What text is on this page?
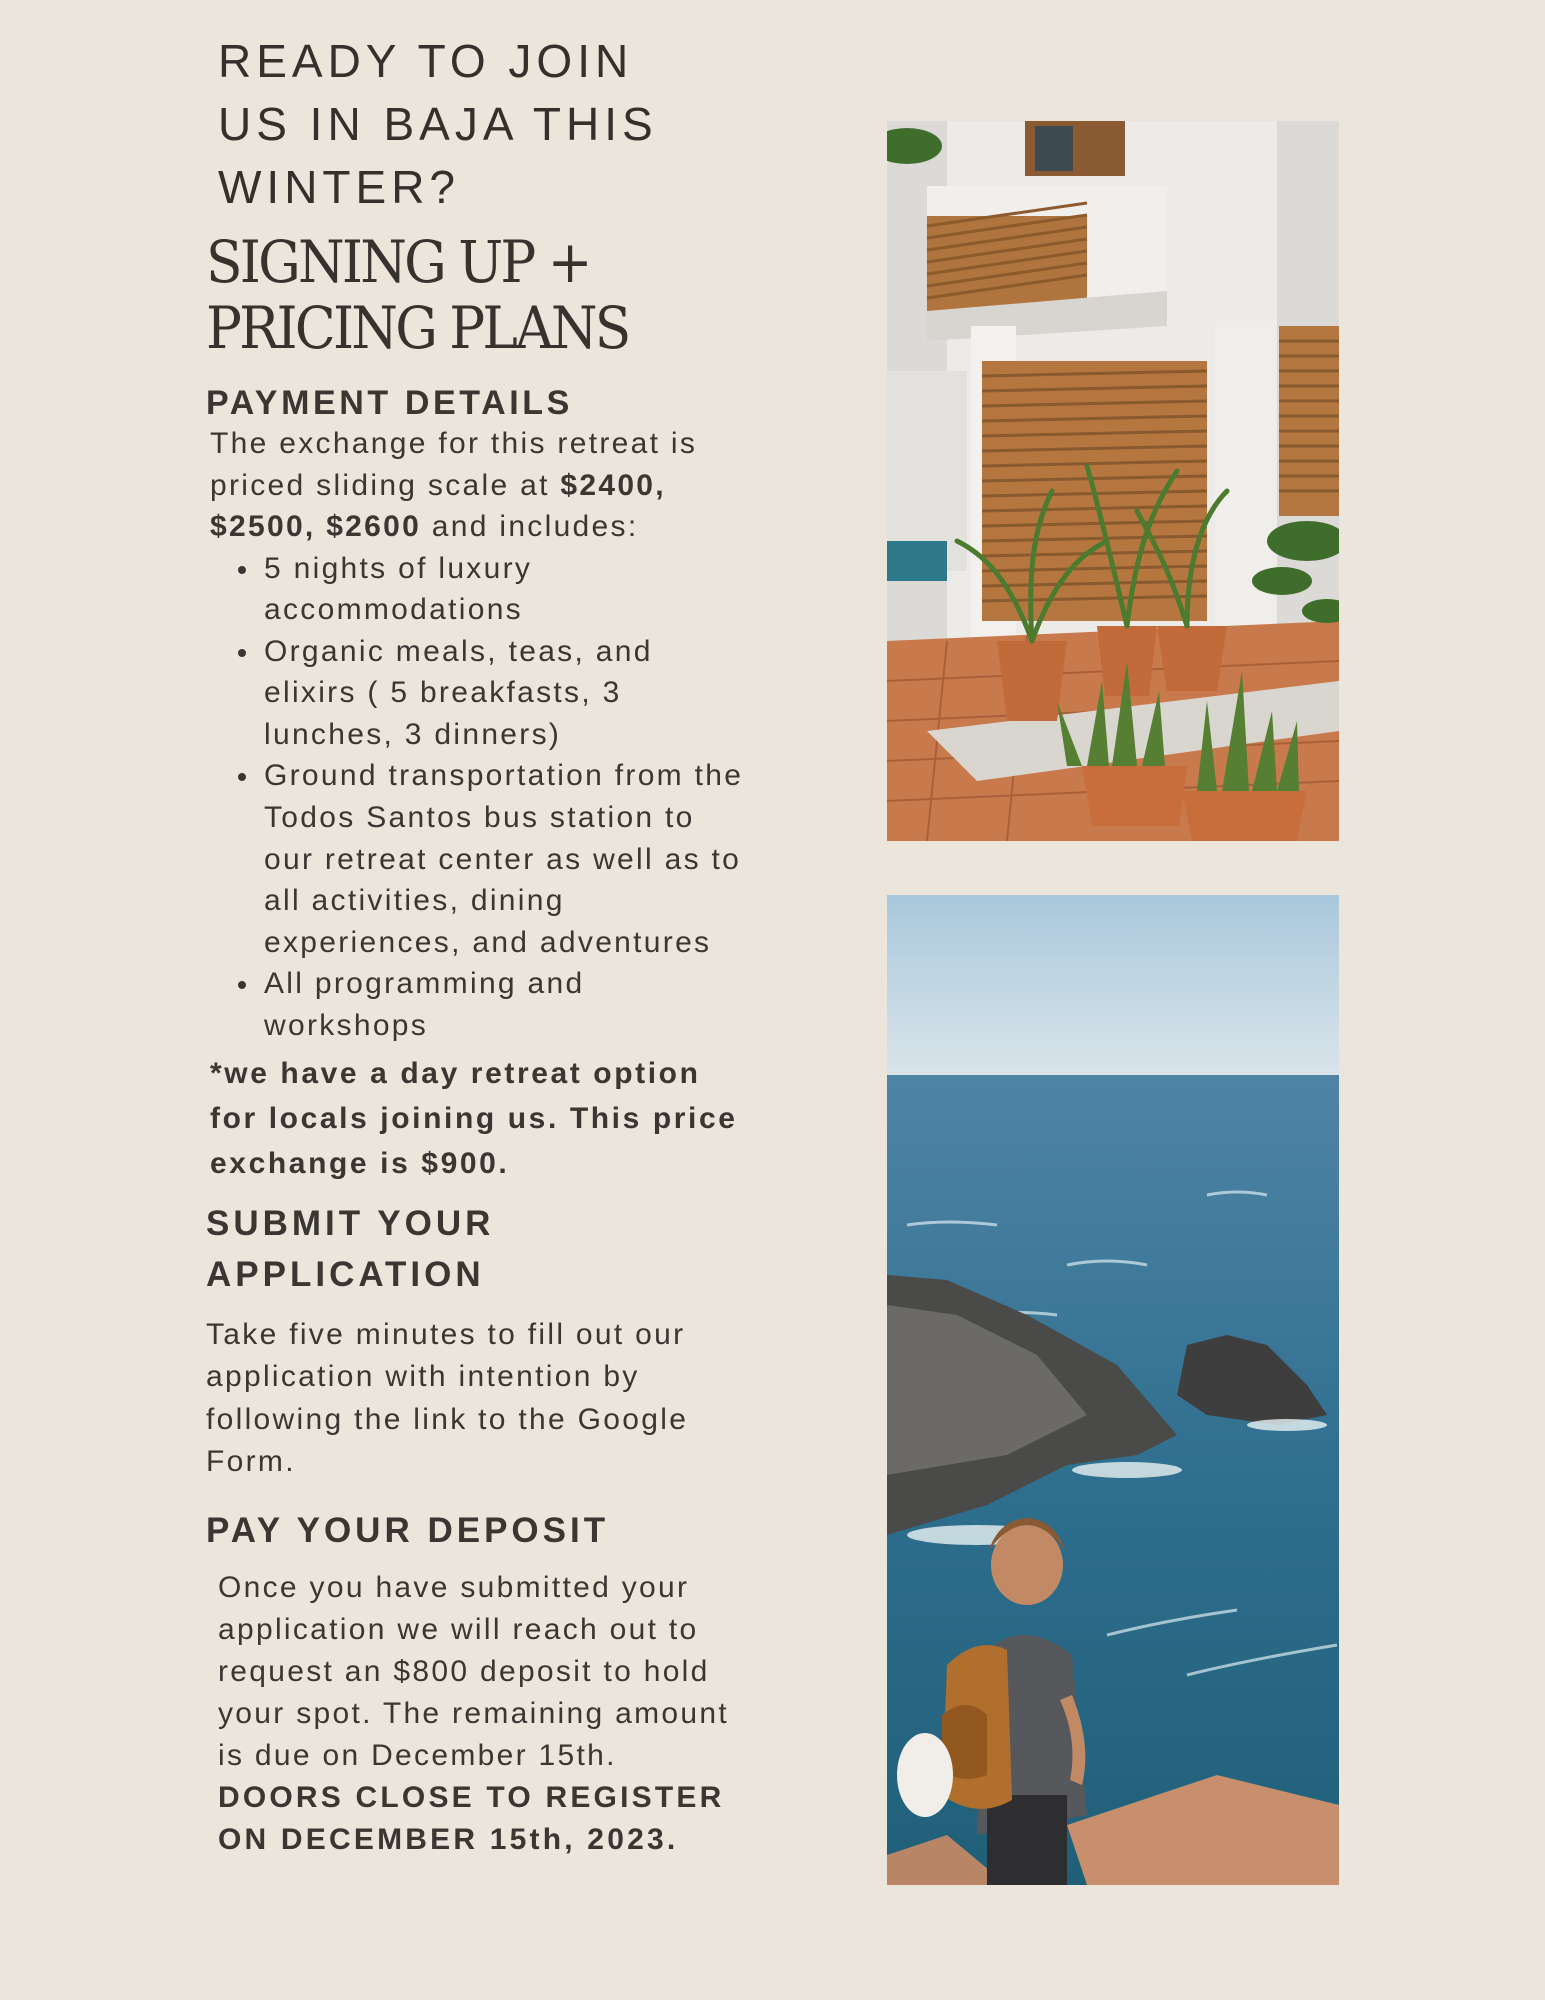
READY TO JOIN
US IN BAJA THIS
WINTER?
SIGNING UP +
PRICING PLANS
PAYMENT DETAILS

The exchange for this retreat is priced sliding scale at $2400, $2500, $2600 and includes:

5 nights of luxury accommodations
Organic meals, teas, and elixirs ( 5 breakfasts, 3 lunches, 3 dinners)
Ground transportation from the Todos Santos bus station to our retreat center as well as to all activities, dining experiences, and adventures
All programming and workshops

*we have a day retreat option for locals joining us. This price exchange is $900.

SUBMIT YOUR APPLICATION

Take five minutes to fill out our application with intention by following the link to the Google Form.

PAY YOUR DEPOSIT

Once you have submitted your application we will reach out to request an $800 deposit to hold your spot. The remaining amount is due on December 15th. DOORS CLOSE TO REGISTER ON DECEMBER 15th, 2023.
